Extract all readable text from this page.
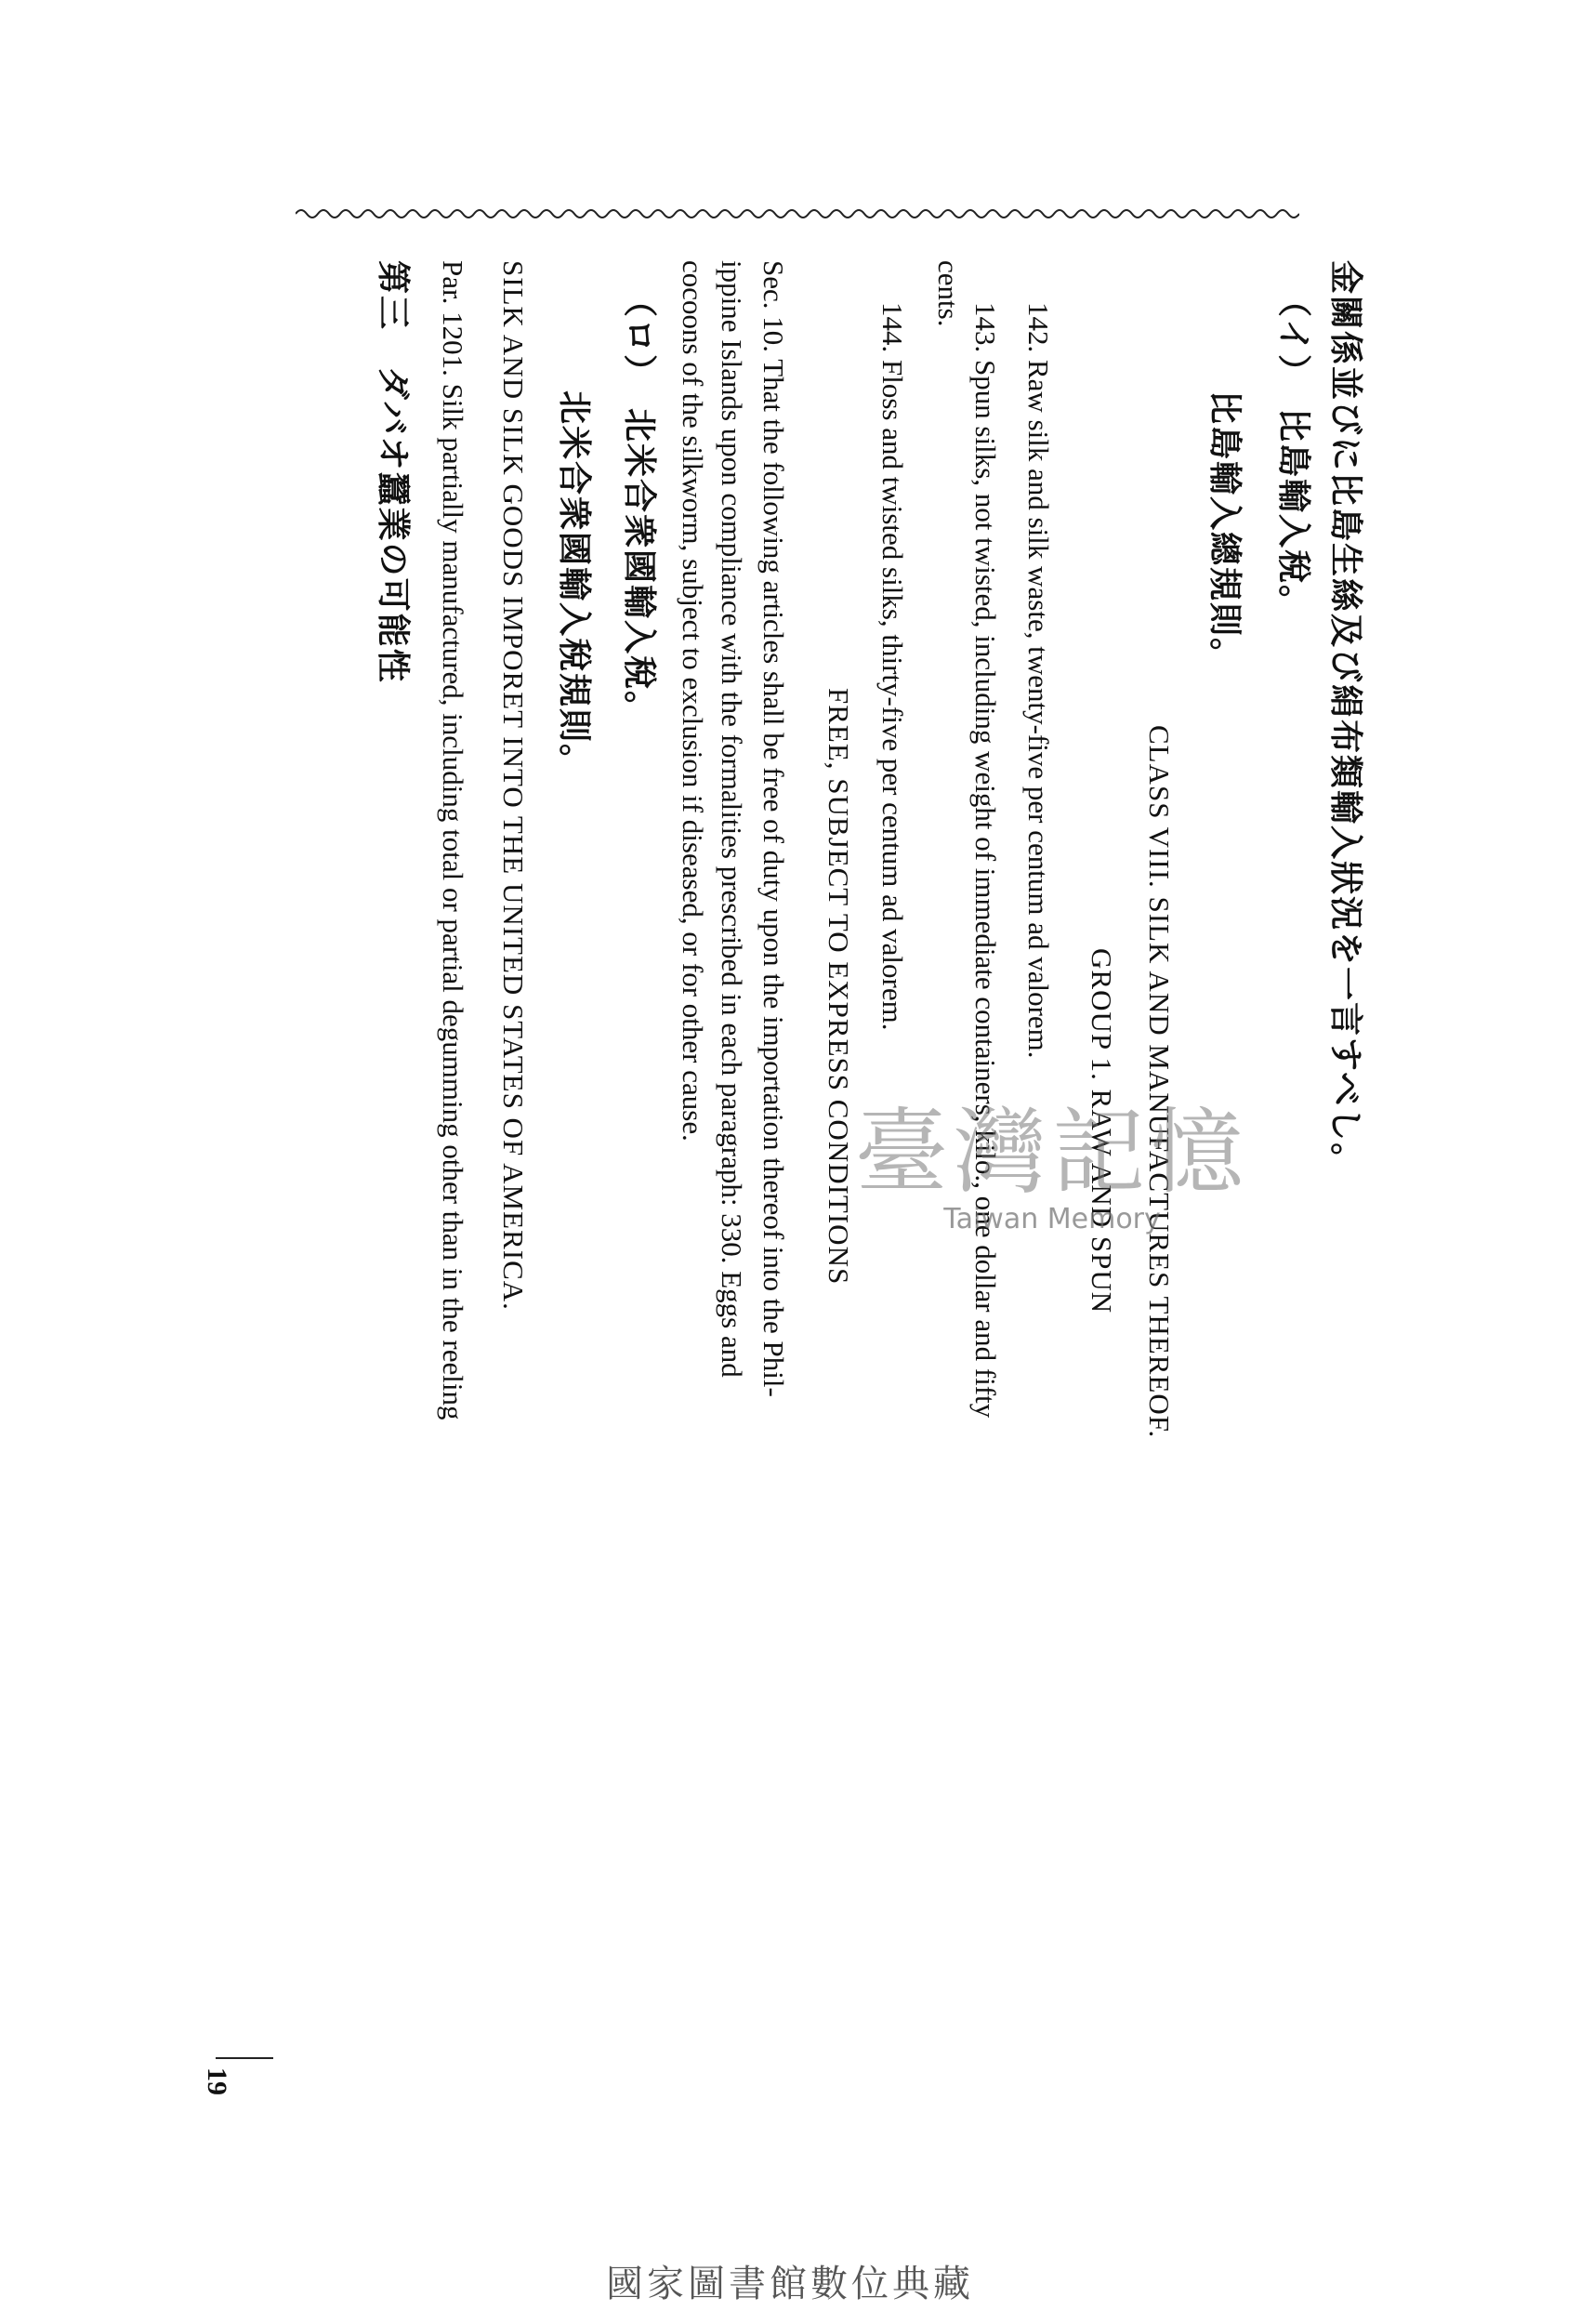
金關係並びに比島生絲及び絹布類輸入狀況を一言すべし。
（イ）　比島輸入稅。
比島輸入總規則。
CLASS VIII. SILK AND MANUFACTURES THEREOF.
GROUP 1. RAW AND SPUN
142. Raw silk and silk waste, twenty-five per centum ad valorem.
143. Spun silks, not twisted, including weight of immediate containers, kilo., one dollar and fifty
cents.
144. Floss and twisted silks, thirty-five per centum ad valorem.
FREE, SUBJECT TO EXPRESS CONDITIONS
Sec. 10. That the following articles shall be free of duty upon the importation thereof into the Phil-
ippine Islands upon compliance with the formalities prescribed in each paragraph: 330. Eggs and
cocoons of the silkworm, subject to exclusion if diseased, or for other cause.
（ロ）　北米合衆國輸入稅。
北米合衆國輸入稅規則。
SILK AND SILK GOODS IMPORET INTO THE UNITED STATES OF AMERICA.
Par. 1201. Silk partially manufactured, including total or partial degumming other than in the reeling
第三　ダバオ蠶業の可能性
臺灣記憶
Taiwan Memory
19
國家圖書館數位典藏
